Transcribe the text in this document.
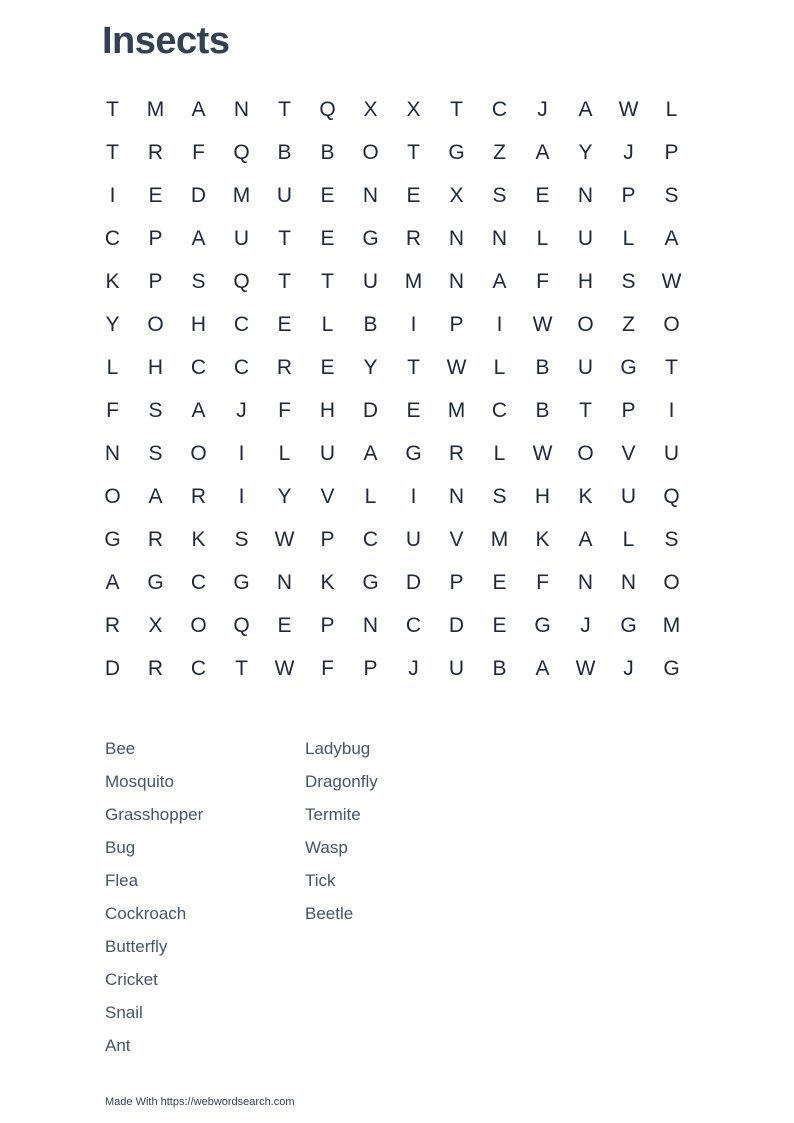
Insects
T	M	A	N	T	Q	X	X	T	C	J	A	W	L
T	R	F	Q	B	B	O	T	G	Z	A	Y	J	P
I	E	D	M	U	E	N	E	X	S	E	N	P	S
C	P	A	U	T	E	G	R	N	N	L	U	L	A
K	P	S	Q	T	T	U	M	N	A	F	H	S	W
Y	O	H	C	E	L	B	I	P	I	W	O	Z	O
L	H	C	C	R	E	Y	T	W	L	B	U	G	T
F	S	A	J	F	H	D	E	M	C	B	T	P	I
N	S	O	I	L	U	A	G	R	L	W	O	V	U
O	A	R	I	Y	V	L	I	N	S	H	K	U	Q
G	R	K	S	W	P	C	U	V	M	K	A	L	S
A	G	C	G	N	K	G	D	P	E	F	N	N	O
R	X	O	Q	E	P	N	C	D	E	G	J	G	M
D	R	C	T	W	F	P	J	U	B	A	W	J	G
Bee
Mosquito
Grasshopper
Bug
Flea
Cockroach
Butterfly
Cricket
Snail
Ant
Ladybug
Dragonfly
Termite
Wasp
Tick
Beetle
Made With https://webwordsearch.com
